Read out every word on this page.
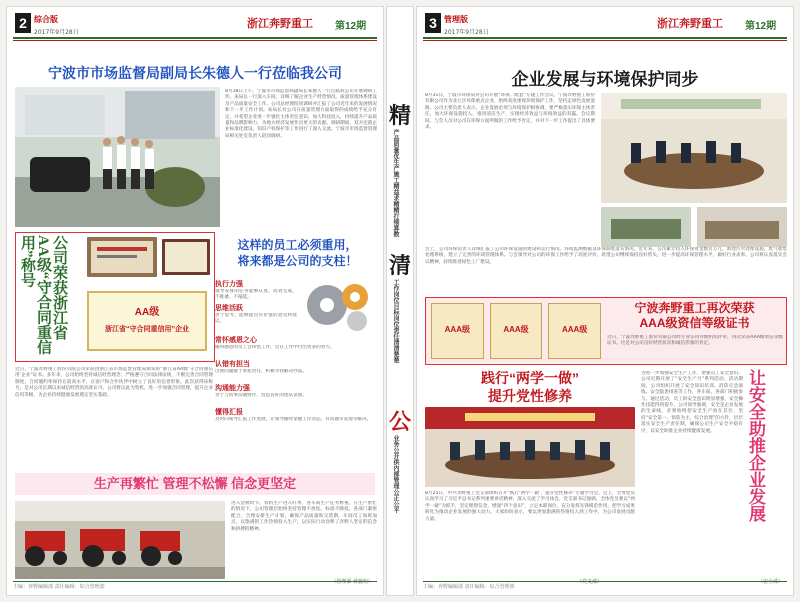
2 综合版
2017年9月28日
浙江奔野重工 第12期
宁波市市场监督局副局长朱德人一行莅临我公司
8月18日上午，宁波市市场监督局副局长朱德人一行莅临我公司开展调研工作。朱局长一行深入车间，详细了解企业生产经营情况、质量管理体系建设及产品质量安全工作。公司总经理陪同调研并汇报了公司近年来的发展情况和下一步工作计划。朱局长对公司在质量管理方面取得的成绩给予充分肯定，并希望企业进一步强化主体责任意识，加大科技投入，持续提升产品质量和品牌影响力，为地方经济发展作出更大的贡献。调研期间，双方还就企业标准化建设、知识产权保护等工作进行了深入交流。宁波市市场监督管理局相关处室负责人陪同调研。
公司荣获浙江省AA级“守合同重信用”称号
AA级
浙江省“守合同重信用”企业
近日，宁波奔野重工股份有限公司荣获由浙江省市场监督管理局颁发的“浙江省AA级‘守合同重信用’企业”证书。多年来，公司始终坚持诚信经营理念，严格遵守合同法律法规，不断完善合同管理制度，合同履约率保持在较高水平，在客户和合作伙伴中树立了良好的信誉形象。此次获得该称号，是对公司长期以来诚信经营的高度认可。公司将以此为契机，进一步加强合同管理，提升企业信用等级，为企业持续健康发展奠定坚实基础。
这样的员工必须重用，
将来都是公司的支柱！
执行力强
领导安排的任务能够认真、高效完成，不推诿，不拖延。
思维活跃
善于思考，能够提出有价值的意见和建议。
常怀感恩之心
懂得感恩的员工会珍惜工作，会在工作中付出更多的努力。
认错有担当
出现问题敢于承担责任，积极寻找解决办法。
沟通能力强
善于与同事沟通协作，营造良好的团队氛围。
懂得汇报
及时向领导汇报工作进展，让领导随时掌握工作动态，有问题早发现早解决。
生产再繁忙 管理不松懈 信念更坚定
进入金秋时节，农机生产进入旺季，各车间生产任务繁重。在生产繁忙的情况下，公司管理层始终坚持管理不放松、标准不降低，各部门紧密配合，合理安排生产计划，确保产品质量和交货期。车间员工加班加点，以饱满的工作热情投入生产，以实际行动诠释了奔野人坚定的信念和拼搏的精神。
（管理部 黄毅恒）
主编：奔野编辑部 责任编辑：综合管理部
精
产品质量优生产施工精益求精精打细算数
清
工作岗位目标岗位责任清清楚楚
公
业务公开供内部管理公正公平
3 管理版
2017年9月28日
浙江奔野重工 第12期
企业发展与环境保护同步
8月31日，宁波市环保局对公司开展“环保、配套”专题工作会议。宁波奔野重工股份有限公司作为北仑区环保重点企业，始终高度重视环境保护工作，坚持走绿色发展道路。公司主要负责人表示，企业发展必须与环境保护相协调，要严格落实环保主体责任，加大环保设施投入，推进清洁生产，实现经济效益与环境效益的双赢。会议期间，与会人员对公司在环保方面所做的工作给予肯定，并对下一步工作提出了具体要求。
会上，公司环保负责人详细汇报了公司环保设施的建设和运行情况、环境监测数据及环保制度落实情况。近年来，公司累计投入环保资金数百万元，新建污水处理设施、废气收集处理系统，建立了完善的环境管理体系。与会领导对公司的环保工作给予了高度评价，希望公司继续保持良好势头，进一步提高环保管理水平，做好行业表率。公司将认真落实会议精神，持续推进绿色工厂建设。
宁波奔野重工再次荣获
AAA级资信等级证书
AAA级	AAA级	AAA级
近日，宁波奔野重工股份有限公司经专业信用评级机构评审，再次荣获AAA级资信等级证书。这是对公司良好经营状况和诚信形象的肯定。
践行“两学一做”
提升党性修养
8月25日，中共奔野重工党支部组织召开“践行‘两学一做’，提升党性修养”专题学习会。会上，全体党员认真学习了习近平总书记系列重要讲话精神，深入交流了学习体会。党支部书记强调，全体党员要以“两学一做”为抓手，坚定理想信念，增强“四个意识”，立足本职岗位，充分发挥先锋模范作用，把学习成果转化为推动企业发展的强大动力。大家纷纷表示，要以更加饱满的热情投入到工作中，为公司发展贡献力量。
（党支部）
让安全助推企业发展
为进一步加强安全生产工作，增强员工安全意识，公司近期开展了“安全生产月”系列活动。活动期间，公司组织开展了安全知识培训、消防应急演练、安全隐患排查等工作，各车间、各部门积极参与。通过活动，员工的安全意识明显增强，安全操作技能得到提升。公司领导强调，安全是企业发展的生命线，必须始终把安全生产放在首位，坚持“安全第一、预防为主、综合治理”的方针，层层落实安全生产责任制，确保公司生产安全平稳有序，以安全助推企业持续健康发展。
（安全部）
主编：奔野编辑部 责任编辑：综合管理部
